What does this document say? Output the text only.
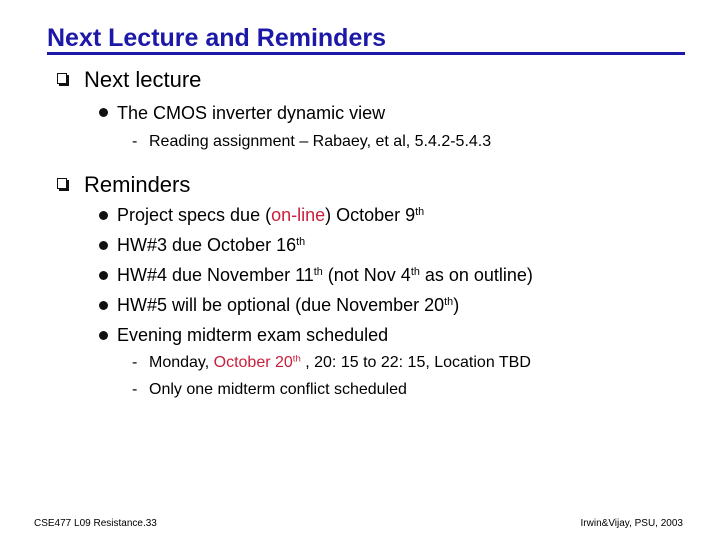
Next Lecture and Reminders
Next lecture
The CMOS inverter dynamic view
- Reading assignment – Rabaey, et al, 5.4.2-5.4.3
Reminders
Project specs due (on-line) October 9th
HW#3 due October 16th
HW#4 due November 11th (not Nov 4th as on outline)
HW#5 will be optional (due November 20th)
Evening midterm exam scheduled
- Monday, October 20th , 20: 15 to 22: 15, Location TBD
- Only one midterm conflict scheduled
CSE477 L09 Resistance.33	Irwin&Vijay, PSU, 2003
